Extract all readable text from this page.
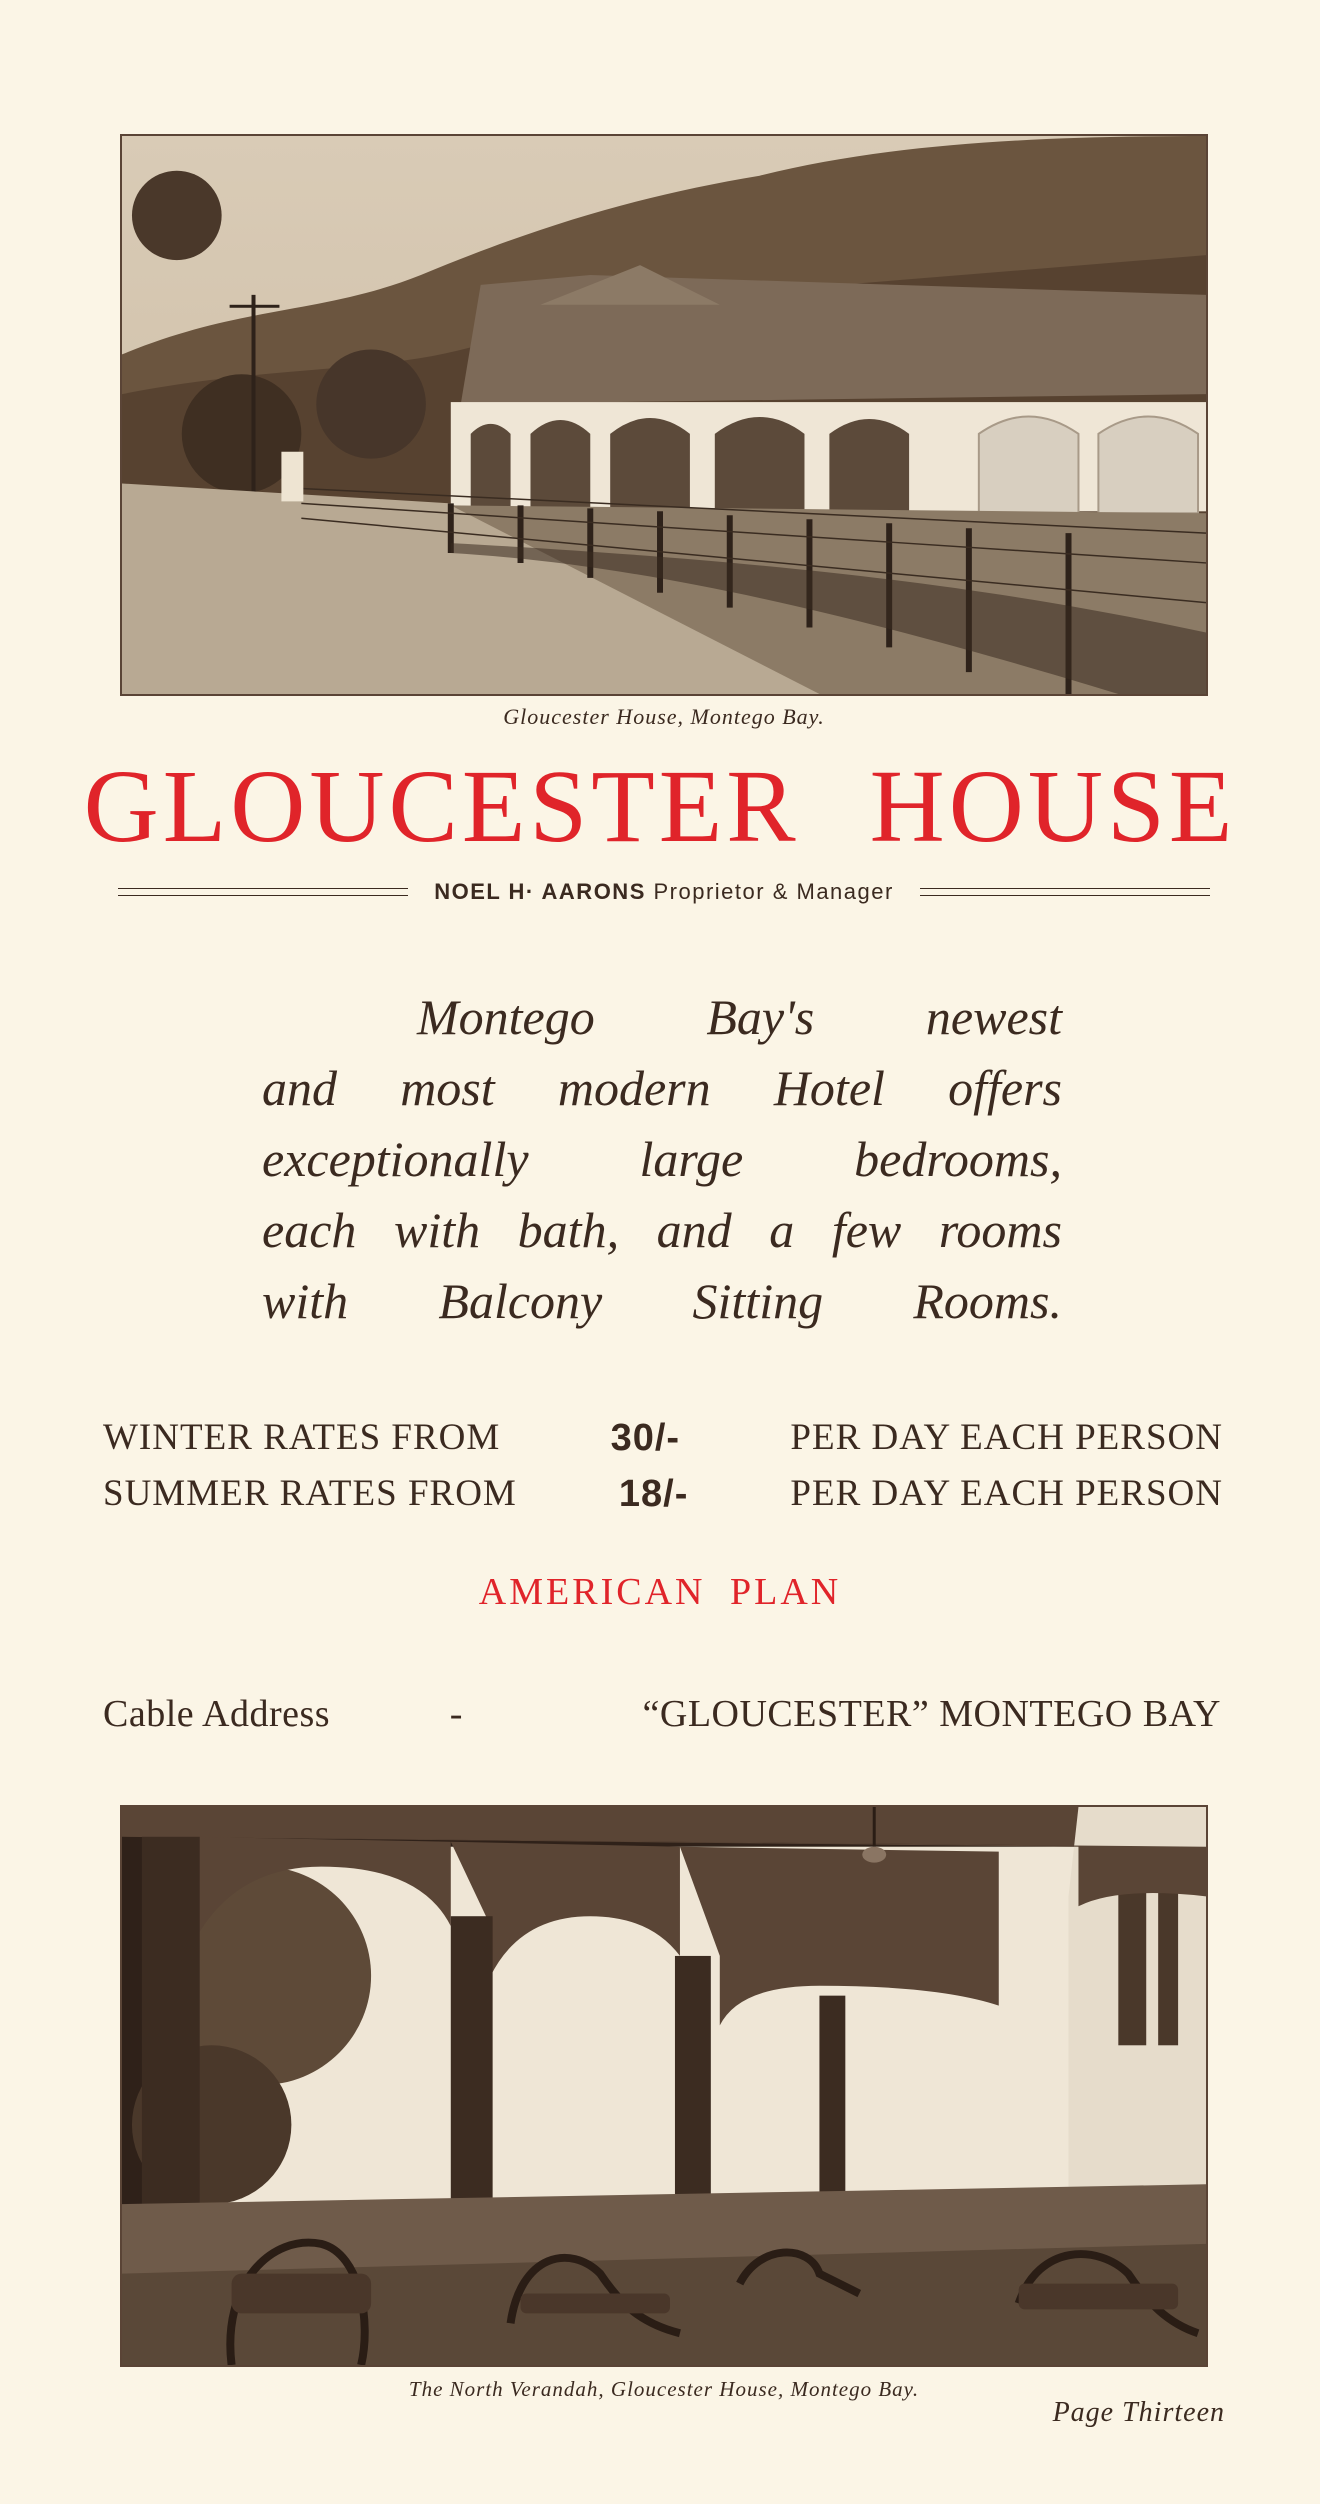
Gloucester House, Montego Bay.
GLOUCESTER HOUSE
NOEL H· AARONS Proprietor & Manager
Montego Bay's newest
and most modern Hotel offers
exceptionally large bedrooms,
each with bath, and a few rooms
with Balcony Sitting Rooms.
WINTER RATES FROM	30/-	PER DAY EACH PERSON
SUMMER RATES FROM	18/-	PER DAY EACH PERSON
AMERICAN PLAN
Cable Address	-	“GLOUCESTER” MONTEGO BAY
The North Verandah, Gloucester House, Montego Bay.
Page Thirteen
